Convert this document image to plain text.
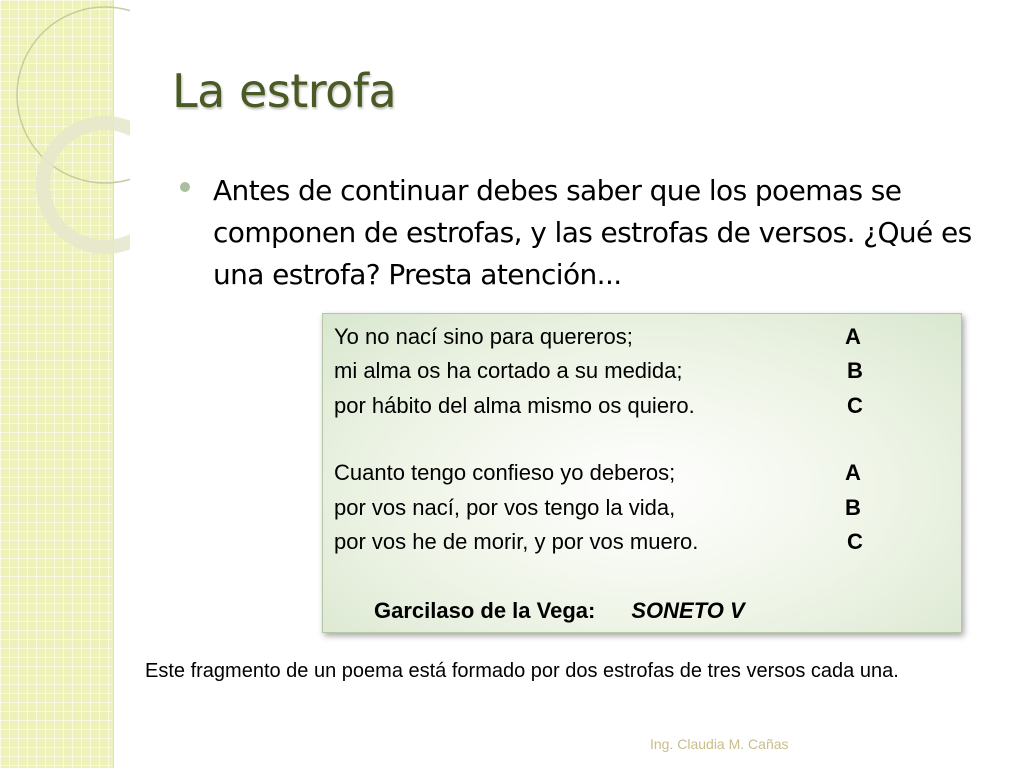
La estrofa
Antes de continuar debes saber que los poemas se componen de estrofas, y las estrofas de versos. ¿Qué es una estrofa? Presta atención...
Yo no nací sino para quereros;	A
mi alma os ha cortado a su medida;	B
por hábito del alma mismo os quiero.	C
Cuanto tengo confieso yo deberos;	A
por vos nací, por vos tengo la vida,	B
por vos he de morir, y por vos muero.	C
Garcilaso de la Vega: SONETO V
Este fragmento de un poema está formado por dos estrofas de tres versos cada una.
Ing. Claudia M. Cañas
